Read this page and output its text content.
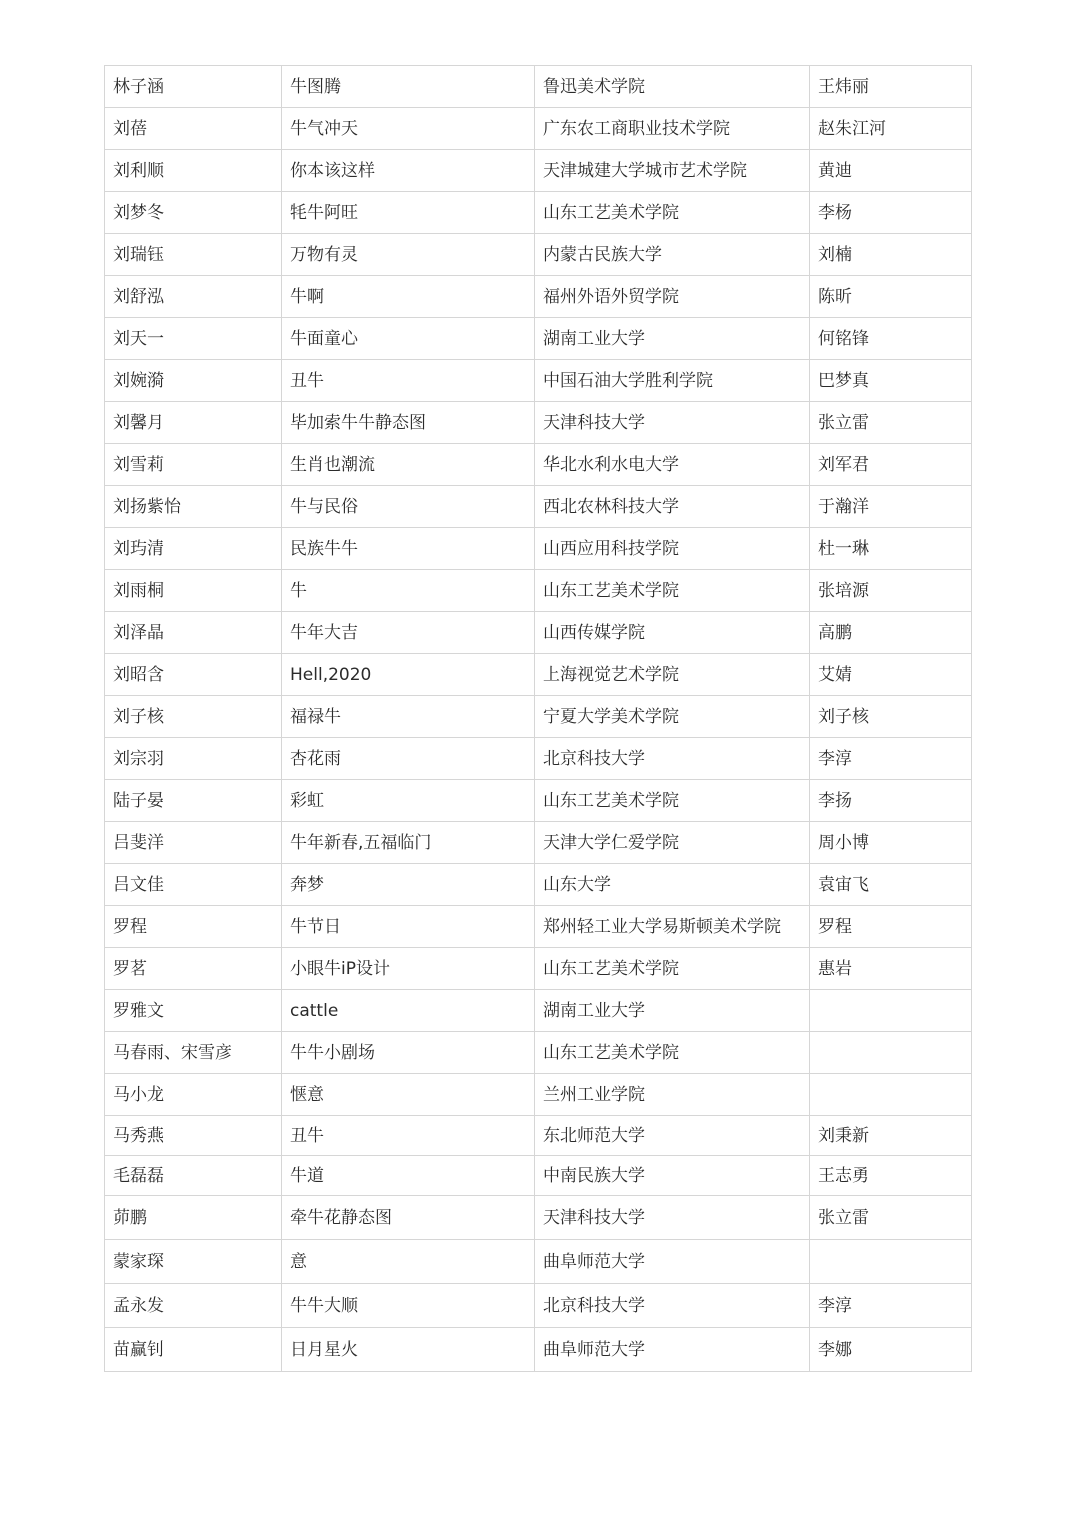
林子涵	牛图腾	鲁迅美术学院	王炜丽
刘蓓	牛气冲天	广东农工商职业技术学院	赵朱江河
刘利顺	你本该这样	天津城建大学城市艺术学院	黄迪
刘梦冬	牦牛阿旺	山东工艺美术学院	李杨
刘瑞钰	万物有灵	内蒙古民族大学	刘楠
刘舒泓	牛啊	福州外语外贸学院	陈昕
刘天一	牛面童心	湖南工业大学	何铭锋
刘婉漪	丑牛	中国石油大学胜利学院	巴梦真
刘馨月	毕加索牛牛静态图	天津科技大学	张立雷
刘雪莉	生肖也潮流	华北水利水电大学	刘军君
刘扬紫怡	牛与民俗	西北农林科技大学	于瀚洋
刘玙清	民族牛牛	山西应用科技学院	杜一琳
刘雨桐	牛	山东工艺美术学院	张培源
刘泽晶	牛年大吉	山西传媒学院	高鹏
刘昭含	Hell,2020	上海视觉艺术学院	艾婧
刘子核	福禄牛	宁夏大学美术学院	刘子核
刘宗羽	杏花雨	北京科技大学	李淳
陆子晏	彩虹	山东工艺美术学院	李扬
吕斐洋	牛年新春,五福临门	天津大学仁爱学院	周小博
吕文佳	奔梦	山东大学	袁宙飞
罗程	牛节日	郑州轻工业大学易斯顿美术学院	罗程
罗茗	小眼牛iP设计	山东工艺美术学院	惠岩
罗雅文	cattle	湖南工业大学	
马春雨、宋雪彦	牛牛小剧场	山东工艺美术学院	
马小龙	惬意	兰州工业学院	
马秀燕	丑牛	东北师范大学	刘秉新
毛磊磊	牛道	中南民族大学	王志勇
茆鹏	牵牛花静态图	天津科技大学	张立雷
蒙家琛	意	曲阜师范大学	
孟永发	牛牛大顺	北京科技大学	李淳
苗赢钊	日月星火	曲阜师范大学	李娜
